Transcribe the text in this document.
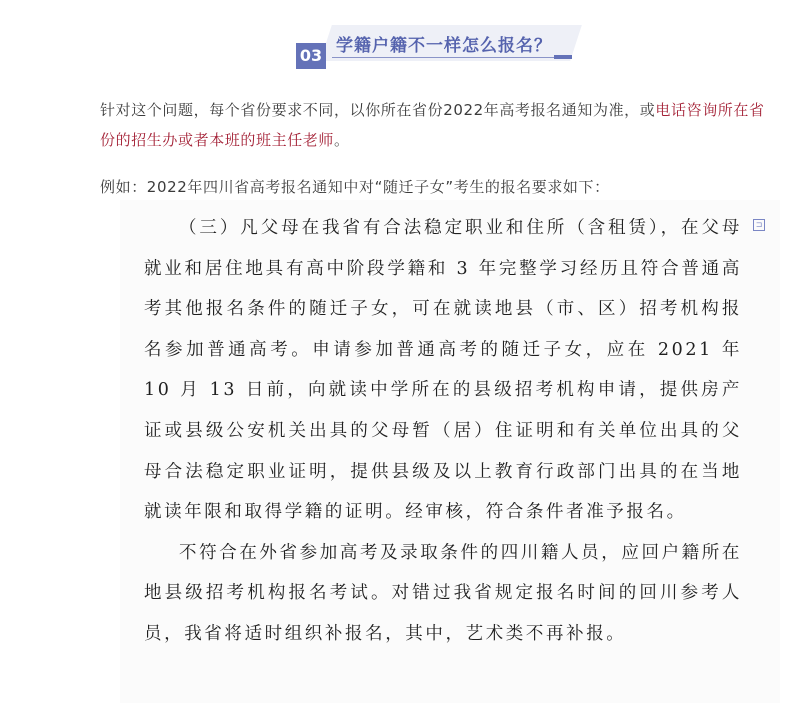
03 学籍户籍不一样怎么报名？

针对这个问题，每个省份要求不同，以你所在省份2022年高考报名通知为准，或电话咨询所在省份的招生办或者本班的班主任老师。

例如：2022年四川省高考报名通知中对“随迁子女”考生的报名要求如下：

⊐

（三）凡父母在我省有合法稳定职业和住所（含租赁），在父母就业和居住地具有高中阶段学籍和 3 年完整学习经历且符合普通高考其他报名条件的随迁子女，可在就读地县（市、区）招考机构报名参加普通高考。申请参加普通高考的随迁子女，应在 2021 年 10 月 13 日前，向就读中学所在的县级招考机构申请，提供房产证或县级公安机关出具的父母暂（居）住证明和有关单位出具的父母合法稳定职业证明，提供县级及以上教育行政部门出具的在当地就读年限和取得学籍的证明。经审核，符合条件者准予报名。

不符合在外省参加高考及录取条件的四川籍人员，应回户籍所在地县级招考机构报名考试。对错过我省规定报名时间的回川参考人员，我省将适时组织补报名，其中，艺术类不再补报。
